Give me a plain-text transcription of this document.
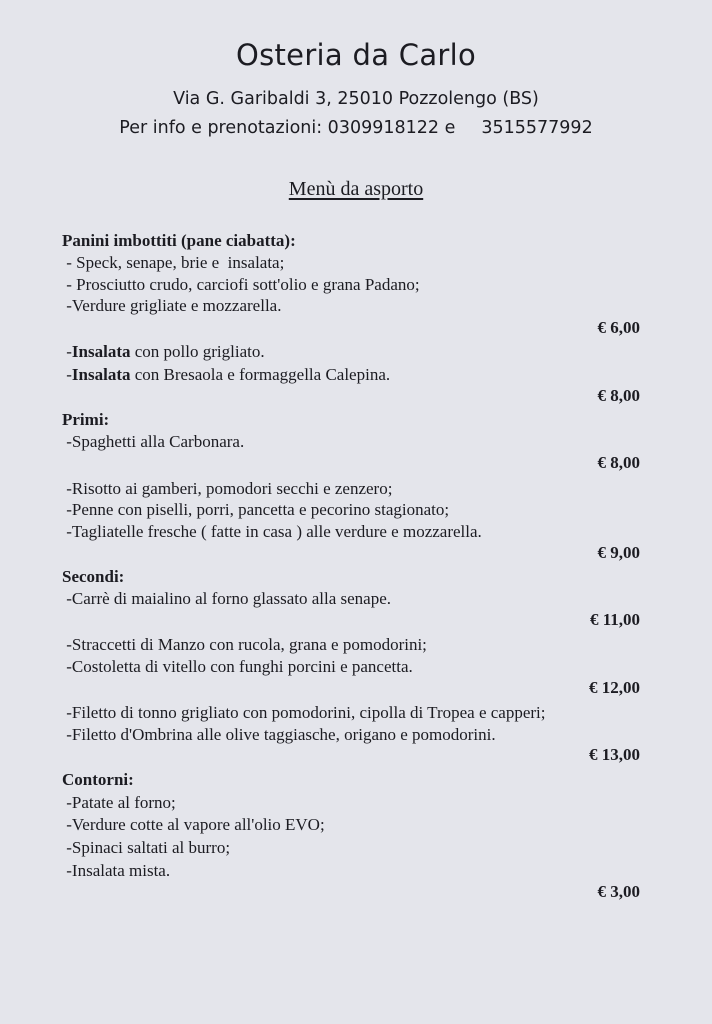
Osteria da Carlo
Via G. Garibaldi 3, 25010 Pozzolengo (BS)
Per info e prenotazioni: 0309918122 e 3515577992
Menù da asporto
Panini imbottiti (pane ciabatta):
- Speck, senape, brie e  insalata;
- Prosciutto crudo, carciofi sott'olio e grana Padano;
-Verdure grigliate e mozzarella.
€ 6,00
-Insalata con pollo grigliato.
-Insalata con Bresaola e formaggella Calepina.
€ 8,00
Primi:
-Spaghetti alla Carbonara.
€ 8,00
-Risotto ai gamberi, pomodori secchi e zenzero;
-Penne con piselli, porri, pancetta e pecorino stagionato;
-Tagliatelle fresche ( fatte in casa ) alle verdure e mozzarella.
€ 9,00
Secondi:
-Carrè di maialino al forno glassato alla senape.
€ 11,00
-Straccetti di Manzo con rucola, grana e pomodorini;
-Costoletta di vitello con funghi porcini e pancetta.
€ 12,00
-Filetto di tonno grigliato con pomodorini, cipolla di Tropea e capperi;
-Filetto d'Ombrina alle olive taggiasche, origano e pomodorini.
€ 13,00
Contorni:
-Patate al forno;
-Verdure cotte al vapore all'olio EVO;
-Spinaci saltati al burro;
-Insalata mista.
€ 3,00
